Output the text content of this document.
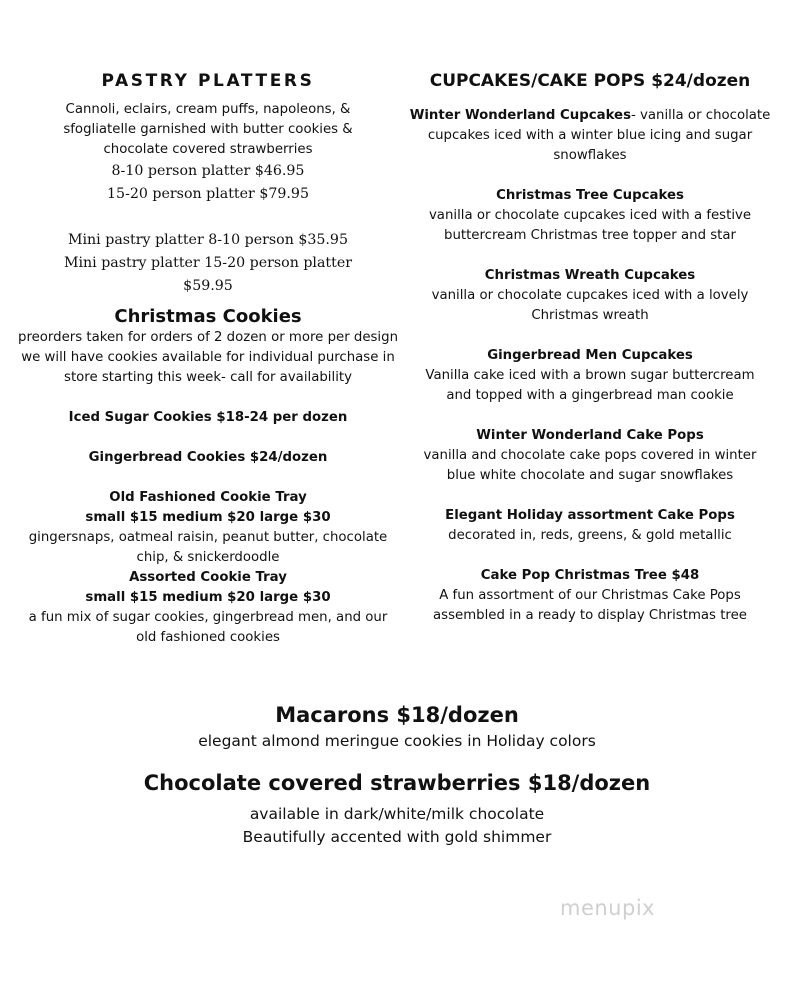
PASTRY PLATTERS

Cannoli, eclairs, cream puffs, napoleons, &

sfogliatelle garnished with butter cookies &

chocolate covered strawberries

8-10 person platter $46.95

15-20 person platter $79.95

Mini pastry platter 8-10 person $35.95

Mini pastry platter 15-20 person platter

$59.95

Christmas Cookies

preorders taken for orders of 2 dozen or more per design

we will have cookies available for individual purchase in

store starting this week- call for availability

Iced Sugar Cookies $18-24 per dozen

Gingerbread Cookies $24/dozen

Old Fashioned Cookie Tray

small $15 medium $20 large $30

gingersnaps, oatmeal raisin, peanut butter, chocolate

chip, & snickerdoodle

Assorted Cookie Tray

small $15 medium $20 large $30

a fun mix of sugar cookies, gingerbread men, and our

old fashioned cookies

CUPCAKES/CAKE POPS $24/dozen

Winter Wonderland Cupcakes- vanilla or chocolate

cupcakes iced with a winter blue icing and sugar

snowflakes

Christmas Tree Cupcakes

vanilla or chocolate cupcakes iced with a festive

buttercream Christmas tree topper and star

Christmas Wreath Cupcakes

vanilla or chocolate cupcakes iced with a lovely

Christmas wreath

Gingerbread Men Cupcakes

Vanilla cake iced with a brown sugar buttercream

and topped with a gingerbread man cookie

Winter Wonderland Cake Pops

vanilla and chocolate cake pops covered in winter

blue white chocolate and sugar snowflakes

Elegant Holiday assortment Cake Pops

decorated in, reds, greens, & gold metallic

Cake Pop Christmas Tree $48

A fun assortment of our Christmas Cake Pops

assembled in a ready to display Christmas tree

Macarons $18/dozen

elegant almond meringue cookies in Holiday colors

Chocolate covered strawberries $18/dozen

available in dark/white/milk chocolate

Beautifully accented with gold shimmer

menupix
